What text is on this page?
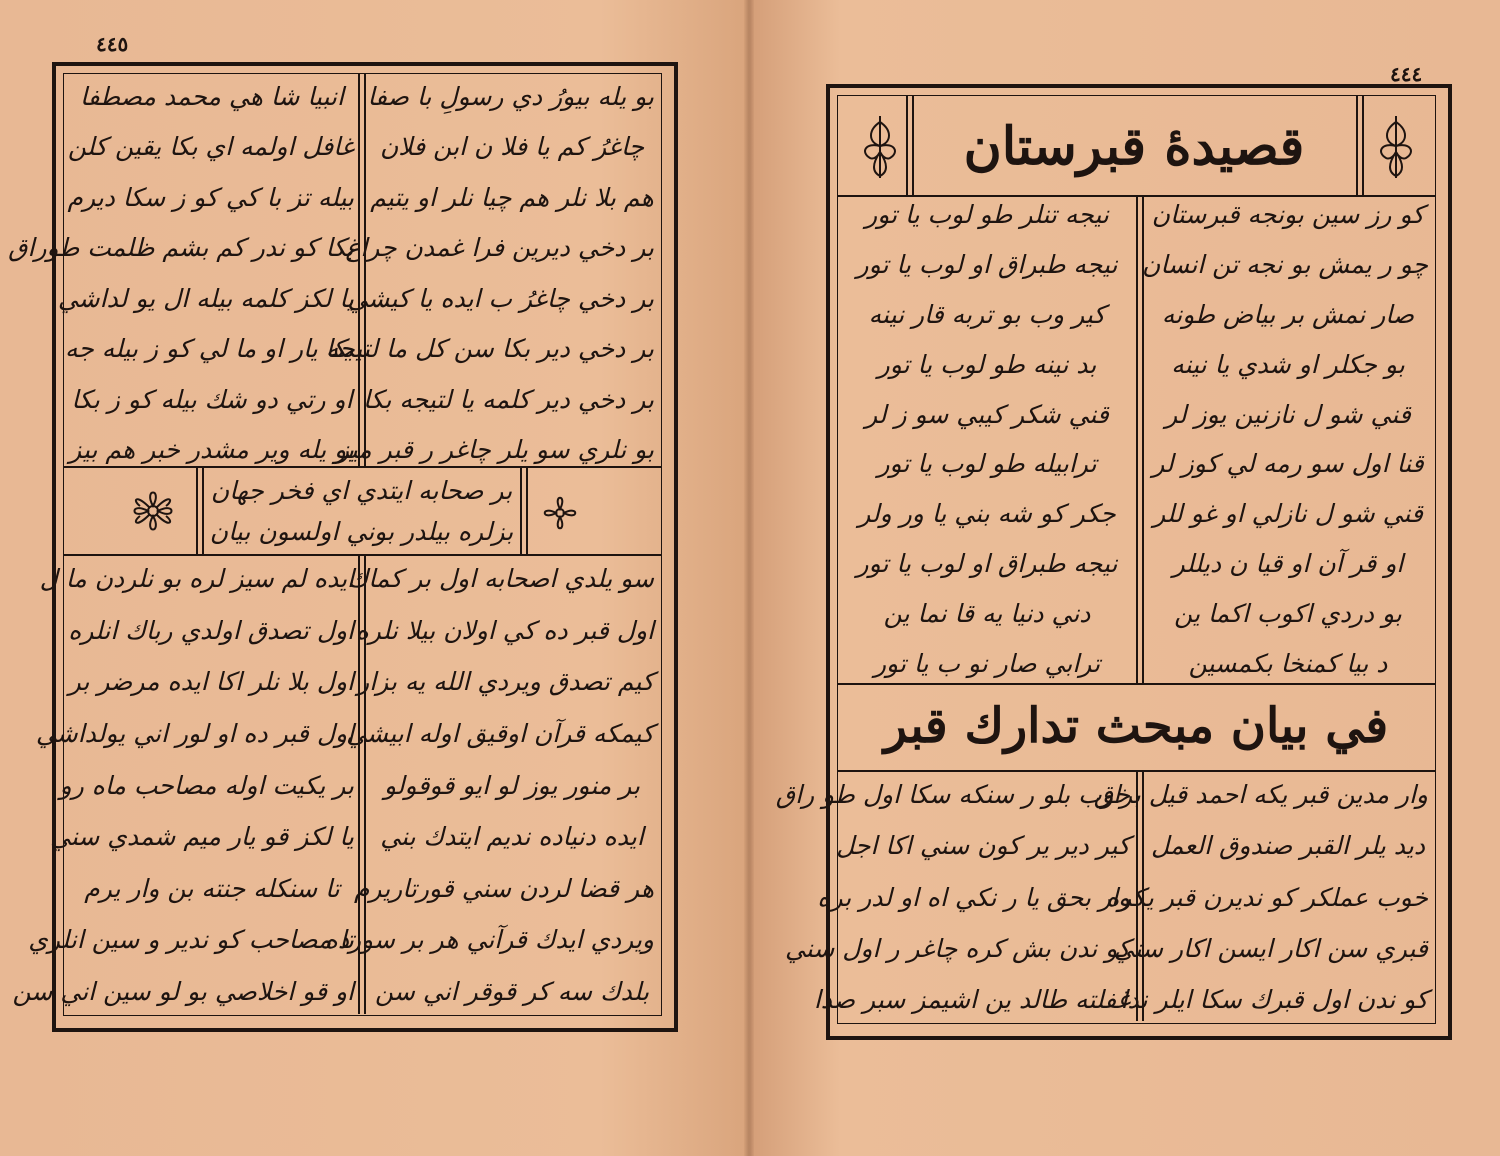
٤٤٥
بر صحابه ايتدي اي فخر جهان
بزلره بيلدر بوني اولسون بيان
بو يله بيورُ دي رسولِ با صفا
چاغرُ كم يا فلا ن ابن فلان
هم بلا نلر هم چيا نلر او يتيم
بر دخي ديرين فرا غمدن چراغ
بر دخي چاغرُ ب ايده يا كيشي
بر دخي دير بكا سن كل ما لتيجه
بر دخي دير كلمه يا لتيجه بكا
بو نلري سو يلر چاغر ر قبر ميز
انبيا شا هي محمد مصطفا
غافل اولمه اي بكا يقين كلن
بيله تز با كي كو ز سكا ديرم
بكا كو ندر كم بشم ظلمت طوراق
يا لكز كلمه بيله ال يو لداشي
بكا يار او ما لي كو ز بيله جه
او رتي دو شك بيله كو ز بكا
بو يله وير مشدر خبر هم بيز
سو يلدي اصحابه اول بر كماك
اول قبر ده كي اولان بيلا نلره
كيم تصدق ويردي الله يه بزار
كيمكه قرآن اوقيق اوله ابيشي
بر منور يوز لو ايو قوقولو
ايده دنياده نديم ايتدك بني
هر قضا لردن سني قورتاريرم
ويردي ايدك قرآني هر بر سورده
بلدك سه كر قوقر اني سن
ايده لم سيز لره بو نلردن ما ل
اول تصدق اولدي رباك انلره
اول بلا نلر اكا ايده مرضر بر
اول قبر ده او لور اني يولداشي
بر يكيت اوله مصاحب ماه رو
يا لكز قو يار ميم شمدي سني
تا سنكله جنته بن وار يرم
تا مصاحب كو ندير و سين انلري
او قو اخلاصي بو لو سين اني سن
٤٤٤
قصيدۀ قبرستان
كو رز سين بونجه قبرستان
چو ر يمش بو نجه تن انسان
صار نمش بر بياض طونه
بو جكلر او شدي يا نينه
قني شو ل نازنين يوز لر
قنا اول سو رمه لي كوز لر
قني شو ل نازلي او غو للر
او قر آن او قيا ن ديللر
بو دردي اكوب اكما ين
د بيا كمنخا بكمسين
نيجه تنلر طو لوب يا تور
نيجه طبراق او لوب يا تور
كير وب بو تربه قار نينه
بد نينه طو لوب يا تور
قني شكر كيبي سو ز لر
ترابيله طو لوب يا تور
جكر كو شه بني يا ور ولر
نيجه طبراق او لوب يا تور
دني دنيا يه قا نما ين
ترابي صار نو ب يا تور
في بيان مبحث تدارك قبر
وار مدين قبر يكه احمد قيل براق
ديد يلر القبر صندوق العمل
خوب عملكر كو نديرن قبر يكره
قبري سن اكار ايسن اكار سني
كو ندن اول قبرك سكا ايلر ندا
خوب بلو ر سنكه سكا اول طو راق
كير دير ير كون سني اكا اجل
وار بحق يا ر نكي اه او لدر بره
كو ندن بش كره چاغر ر اول سني
غفلته طالد ين اشيمز سبر صدا
